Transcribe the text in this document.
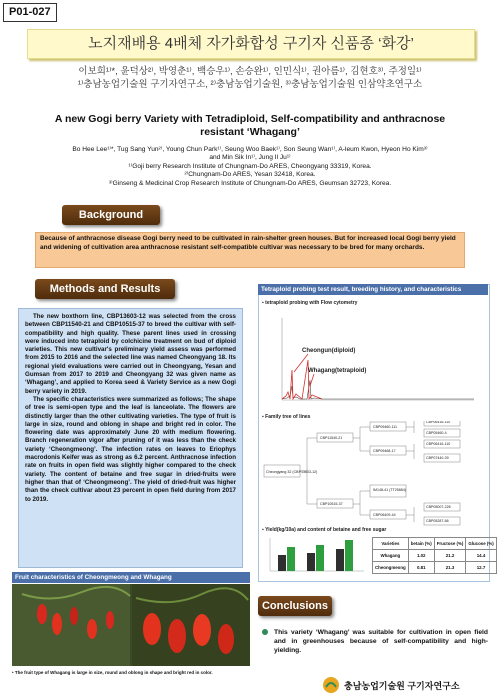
P01-027
노지재배용 4배체 자가화합성 구기자 신품종 ‘화강’
이보희¹⁾*, 윤덕상²⁾, 박영춘¹⁾, 백승우¹⁾, 손승완¹⁾, 인민식¹⁾, 권아름¹⁾, 김현호³⁾, 주정일¹⁾
¹⁾충남농업기술원 구기자연구소, ²⁾충남농업기술원, ³⁾충남농업기술원 인삼약초연구소
A new Gogi berry Variety with Tetradiploid, Self-compatibility and anthracnose
resistant ‘Whagang’
Bo Hee Lee¹⁾*, Tug Sang Yun²⁾, Young Chun Park¹⁾, Seung Woo Baek¹⁾, Son Seung Wan¹⁾, A-leum Kwon, Hyeon Ho Kim³⁾
and Min Sik In¹⁾, Jung Il Ju¹⁾
¹⁾Goji berry Research Institute of Chungnam-Do ARES, Cheongyang 33319, Korea.
²⁾Chungnam-Do ARES, Yesan 32418, Korea.
³⁾Ginseng & Medicinal Crop Research Institute of Chungnam-Do ARES, Geumsan 32723, Korea.
Background
Because of anthracnose disease Gogi berry need to be cultivated in rain-shelter green houses. But for increased local Gogi berry yield and widening of cultivation area anthracnose resistant self-compatible cultivar was necessary to be bred for many orchards.
Methods and Results

The new boxthorn line, CBP13603-12 was selected from the cross between CBP11540-21 and CBP10515-37 to breed the cultivar with self-compatibility and high quality. These parent lines used in crossing were induced into tetraploid by colchicine treatment on bud of diploid varieties. This new cultivar's preliminary yield assess was performed from 2015 to 2016 and the selected line was named Cheongyang 18. Its regional yield evaluations were carried out in Cheongyang, Yesan and Gumsan from 2017 to 2019 and Cheongyang 32 was given name as ‘Whagang’, and applied to Korea seed & Variety Service as a new Gogi berry variety in 2019.

The specific characteristics were summarized as follows; The shape of tree is semi-open type and the leaf is lanceolate. The flowers are distinctly larger than the other cultivating varieties. The type of fruit is large in size, round and oblong in shape and bright red in color. The flowering date was approximately June 20 with medium flowering. Branch regeneration vigor after pruning of it was less than the check variety ‘Cheongmeong’. The infection rates on leaves to Eriophys macrodonis Keifer was as strong as 6.2 percent. Anthracnose infection rate on fruits in open field was slightly higher compared to the check variety. The content of betaine and free sugar in dried-fruits were higher than that of ‘Cheongmeong’. The yield of dried-fruit was higher than the check cultivar about 23 percent in open field during from 2017 to 2019.

Tetraploid probing test result, breeding history, and characteristics
▪ tetraploid probing with Flow cytometry
Cheongun(diploid)
Whagang(tetraploid)
▪ Family tree of lines
Cheongyang 32 (CBP13603-12)
CBP11540-21
CBP10515-37
CBP09460-111
CBP09468-17
IM148-41 (TT25884)
CBP06409-44
CBP06416-110
CBP05460-4
CBP06416-110
CBP07440-39
CBP05007-226
CBP05287-66
▪ Yield(kg/10a) and content of betaine and free sugar
Varieties	betain (%)	Fructose (%)	Glucose (%)
Whagang	1.02	21.2	14.4
Cheongmeong	0.81	21.3	12.7
Fruit characteristics of Cheongmeong and Whagang
• The fruit type of Whagang is large in size, round and oblong in shape and bright red in color.
Conclusions
This variety ‘Whagang’ was suitable for cultivation in open field and in greenhouses because of self-compatibility and high-yielding.
충남농업기술원 구기자연구소
